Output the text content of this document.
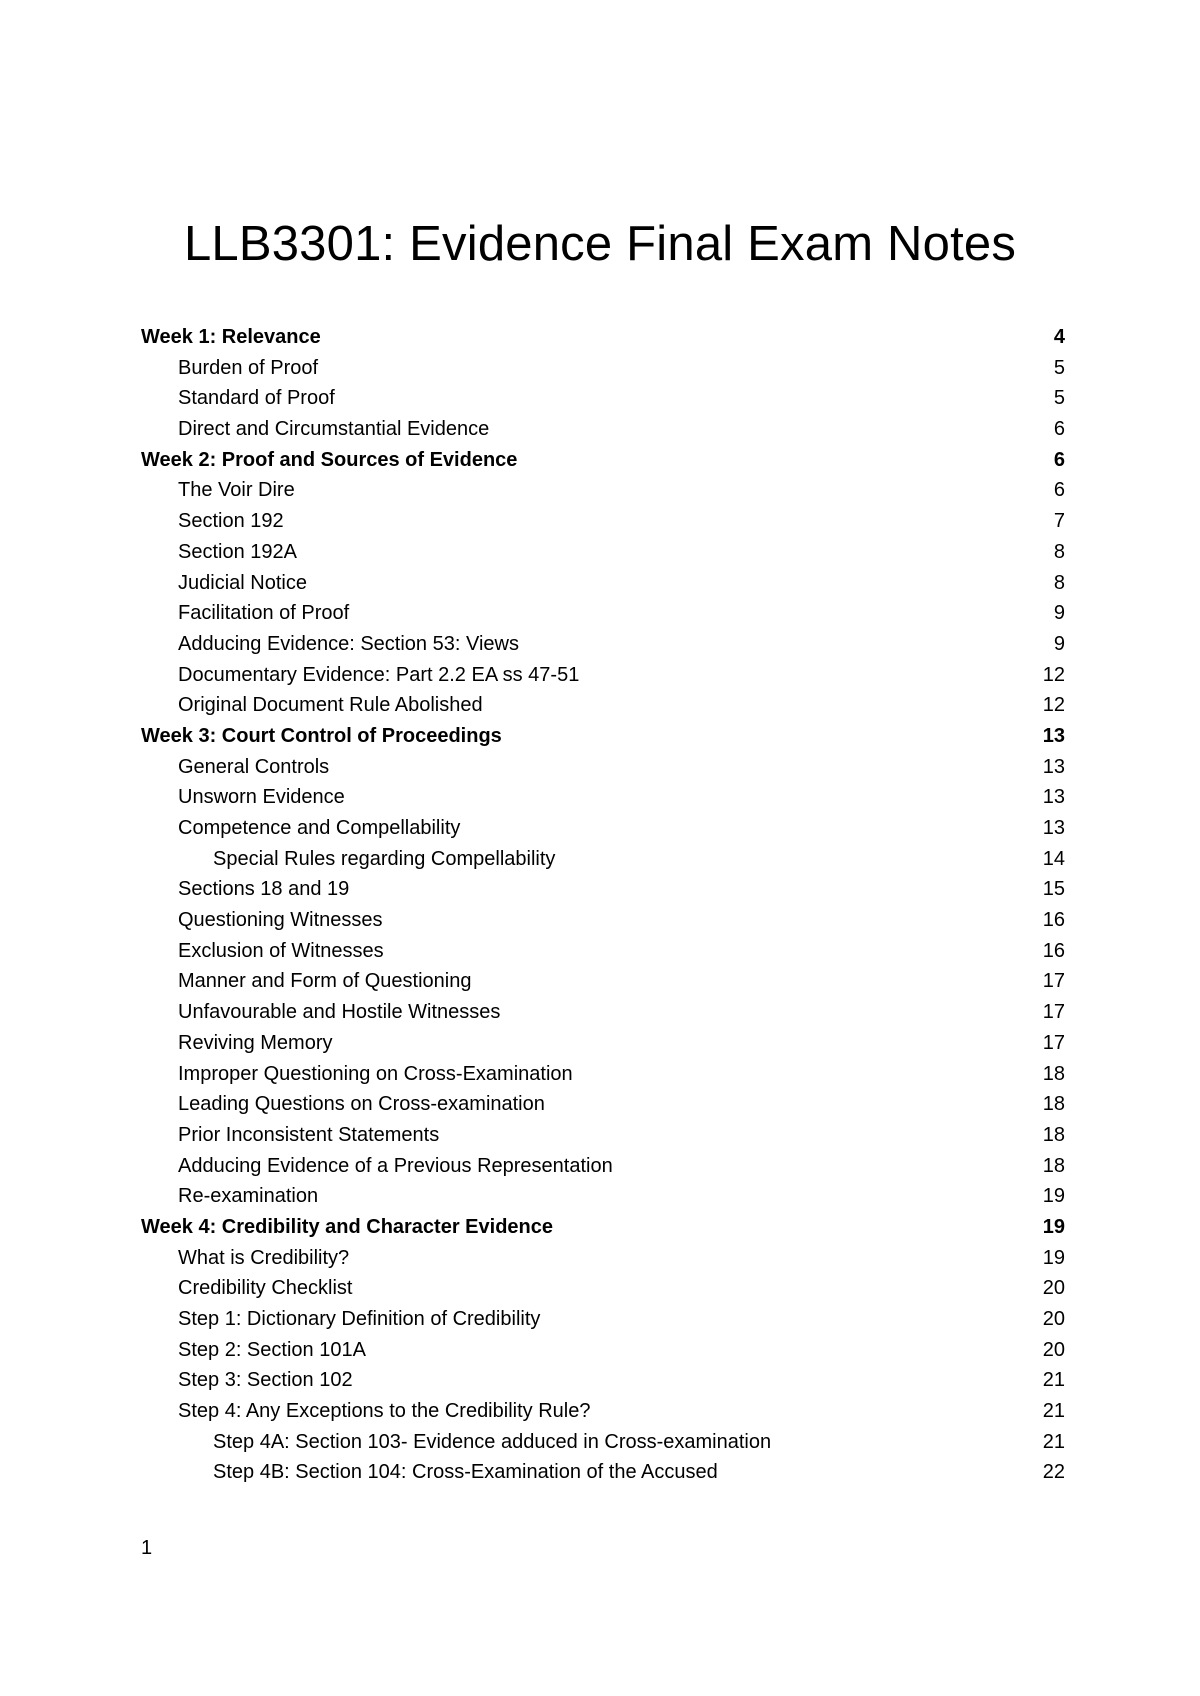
LLB3301: Evidence Final Exam Notes
Week 1: Relevance	4
Burden of Proof	5
Standard of Proof	5
Direct and Circumstantial Evidence	6
Week 2: Proof and Sources of Evidence	6
The Voir Dire	6
Section 192	7
Section 192A	8
Judicial Notice	8
Facilitation of Proof	9
Adducing Evidence: Section 53: Views	9
Documentary Evidence: Part 2.2 EA ss 47-51	12
Original Document Rule Abolished	12
Week 3: Court Control of Proceedings	13
General Controls	13
Unsworn Evidence	13
Competence and Compellability	13
Special Rules regarding Compellability	14
Sections 18 and 19	15
Questioning Witnesses	16
Exclusion of Witnesses	16
Manner and Form of Questioning	17
Unfavourable and Hostile Witnesses	17
Reviving Memory	17
Improper Questioning on Cross-Examination	18
Leading Questions on Cross-examination	18
Prior Inconsistent Statements	18
Adducing Evidence of a Previous Representation	18
Re-examination	19
Week 4: Credibility and Character Evidence	19
What is Credibility?	19
Credibility Checklist	20
Step 1: Dictionary Definition of Credibility	20
Step 2: Section 101A	20
Step 3: Section 102	21
Step 4: Any Exceptions to the Credibility Rule?	21
Step 4A: Section 103- Evidence adduced in Cross-examination	21
Step 4B: Section 104: Cross-Examination of the Accused	22
1
